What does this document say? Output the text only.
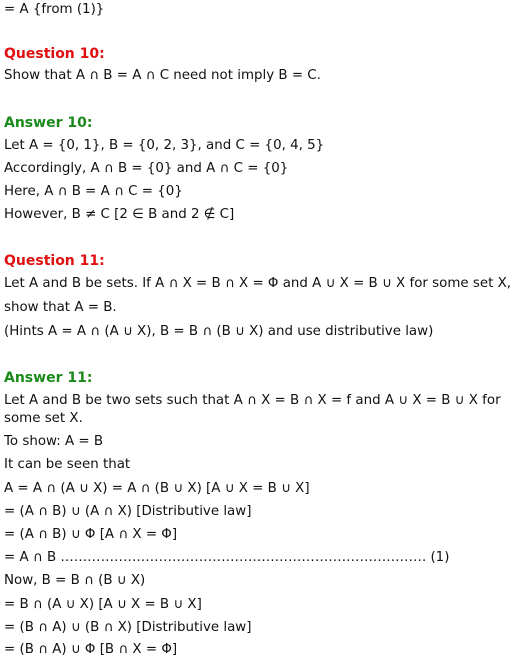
= A {from (1)}
Question 10:
Show that A ∩ B = A ∩ C need not imply B = C.
Answer 10:
Let A = {0, 1}, B = {0, 2, 3}, and C = {0, 4, 5}
Accordingly, A ∩ B = {0} and A ∩ C = {0}
Here, A ∩ B = A ∩ C = {0}
However, B ≠ C [2 ∈ B and 2 ∉ C]
Question 11:
Let A and B be sets. If A ∩ X = B ∩ X = Φ and A ∪ X = B ∪ X for some set X,
show that A = B.
(Hints A = A ∩ (A ∪ X), B = B ∩ (B ∪ X) and use distributive law)
Answer 11:
Let A and B be two sets such that A ∩ X = B ∩ X = f and A ∪ X = B ∪ X for some set X.
To show: A = B
It can be seen that
A = A ∩ (A ∪ X) = A ∩ (B ∪ X) [A ∪ X = B ∪ X]
= (A ∩ B) ∪ (A ∩ X) [Distributive law]
= (A ∩ B) ∪ Φ [A ∩ X = Φ]
= A ∩ B ………………………………………………………………………. (1)
Now, B = B ∩ (B ∪ X)
= B ∩ (A ∪ X) [A ∪ X = B ∪ X]
= (B ∩ A) ∪ (B ∩ X) [Distributive law]
= (B ∩ A) ∪ Φ [B ∩ X = Φ]
